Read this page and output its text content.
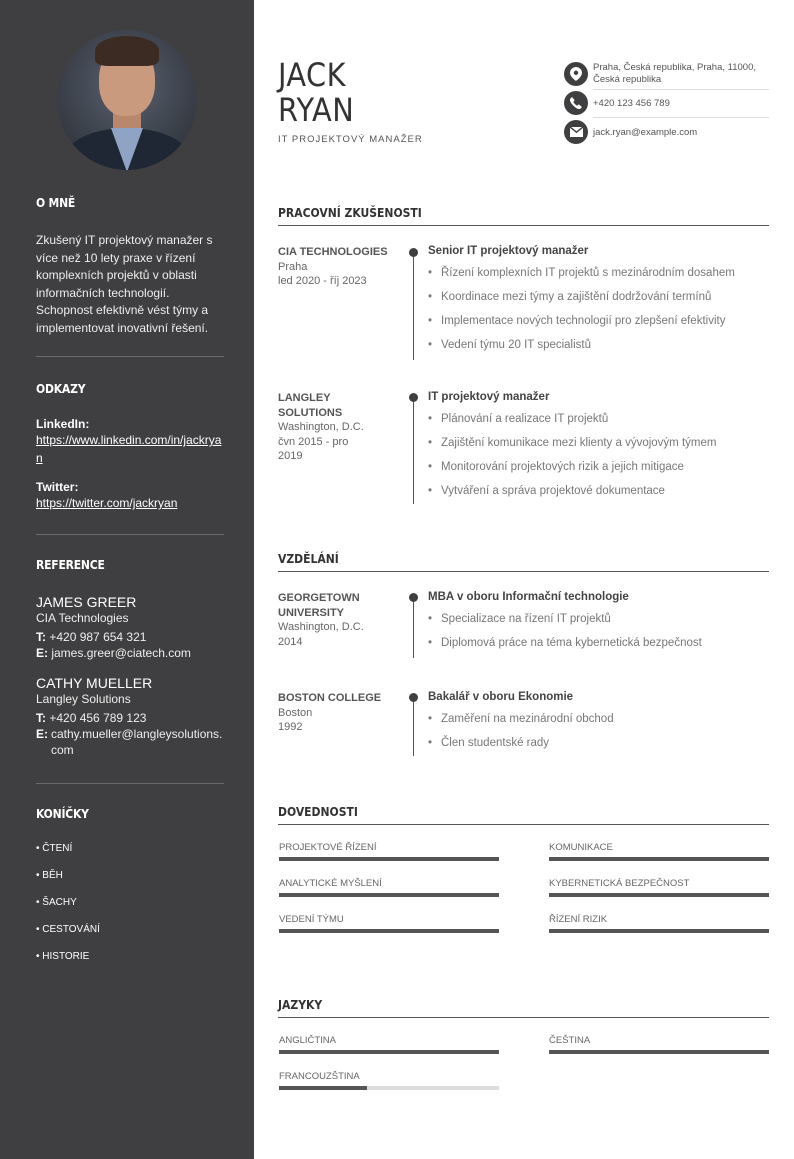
O MNĚ
Zkušený IT projektový manažer s více než 10 lety praxe v řízení komplexních projektů v oblasti informačních technologií. Schopnost efektivně vést týmy a implementovat inovativní řešení.
ODKAZY
LinkedIn:
https://www.linkedin.com/in/jackryan
Twitter:
https://twitter.com/jackryan
REFERENCE
JAMES GREER
CIA Technologies
T: +420 987 654 321
E: james.greer@ciatech.com
CATHY MUELLER
Langley Solutions
T: +420 456 789 123
E: cathy.mueller@langleysolutions.com
KONÍČKY
• ČTENÍ
• BĚH
• ŠACHY
• CESTOVÁNÍ
• HISTORIE
JACK
RYAN
IT PROJEKTOVÝ MANAŽER
Praha, Česká republika, Praha, 11000, Česká republika
+420 123 456 789
jack.ryan@example.com
PRACOVNÍ ZKUŠENOSTI
CIA TECHNOLOGIES
Praha
led 2020 - říj 2023
Senior IT projektový manažer
• Řízení komplexních IT projektů s mezinárodním dosahem
• Koordinace mezi týmy a zajištění dodržování termínů
• Implementace nových technologií pro zlepšení efektivity
• Vedení týmu 20 IT specialistů
LANGLEY SOLUTIONS
Washington, D.C.
čvn 2015 - pro 2019
IT projektový manažer
• Plánování a realizace IT projektů
• Zajištění komunikace mezi klienty a vývojovým týmem
• Monitorování projektových rizik a jejich mitigace
• Vytváření a správa projektové dokumentace
VZDĚLÁNÍ
GEORGETOWN UNIVERSITY
Washington, D.C.
2014
MBA v oboru Informační technologie
• Specializace na řízení IT projektů
• Diplomová práce na téma kybernetická bezpečnost
BOSTON COLLEGE
Boston
1992
Bakalář v oboru Ekonomie
• Zaměření na mezinárodní obchod
• Člen studentské rady
DOVEDNOSTI
PROJEKTOVÉ ŘÍZENÍ	KOMUNIKACE
ANALYTICKÉ MYŠLENÍ	KYBERNETICKÁ BEZPEČNOST
VEDENÍ TÝMU	ŘÍZENÍ RIZIK
JAZYKY
ANGLIČTINA	ČEŠTINA
FRANCOUZŠTINA
